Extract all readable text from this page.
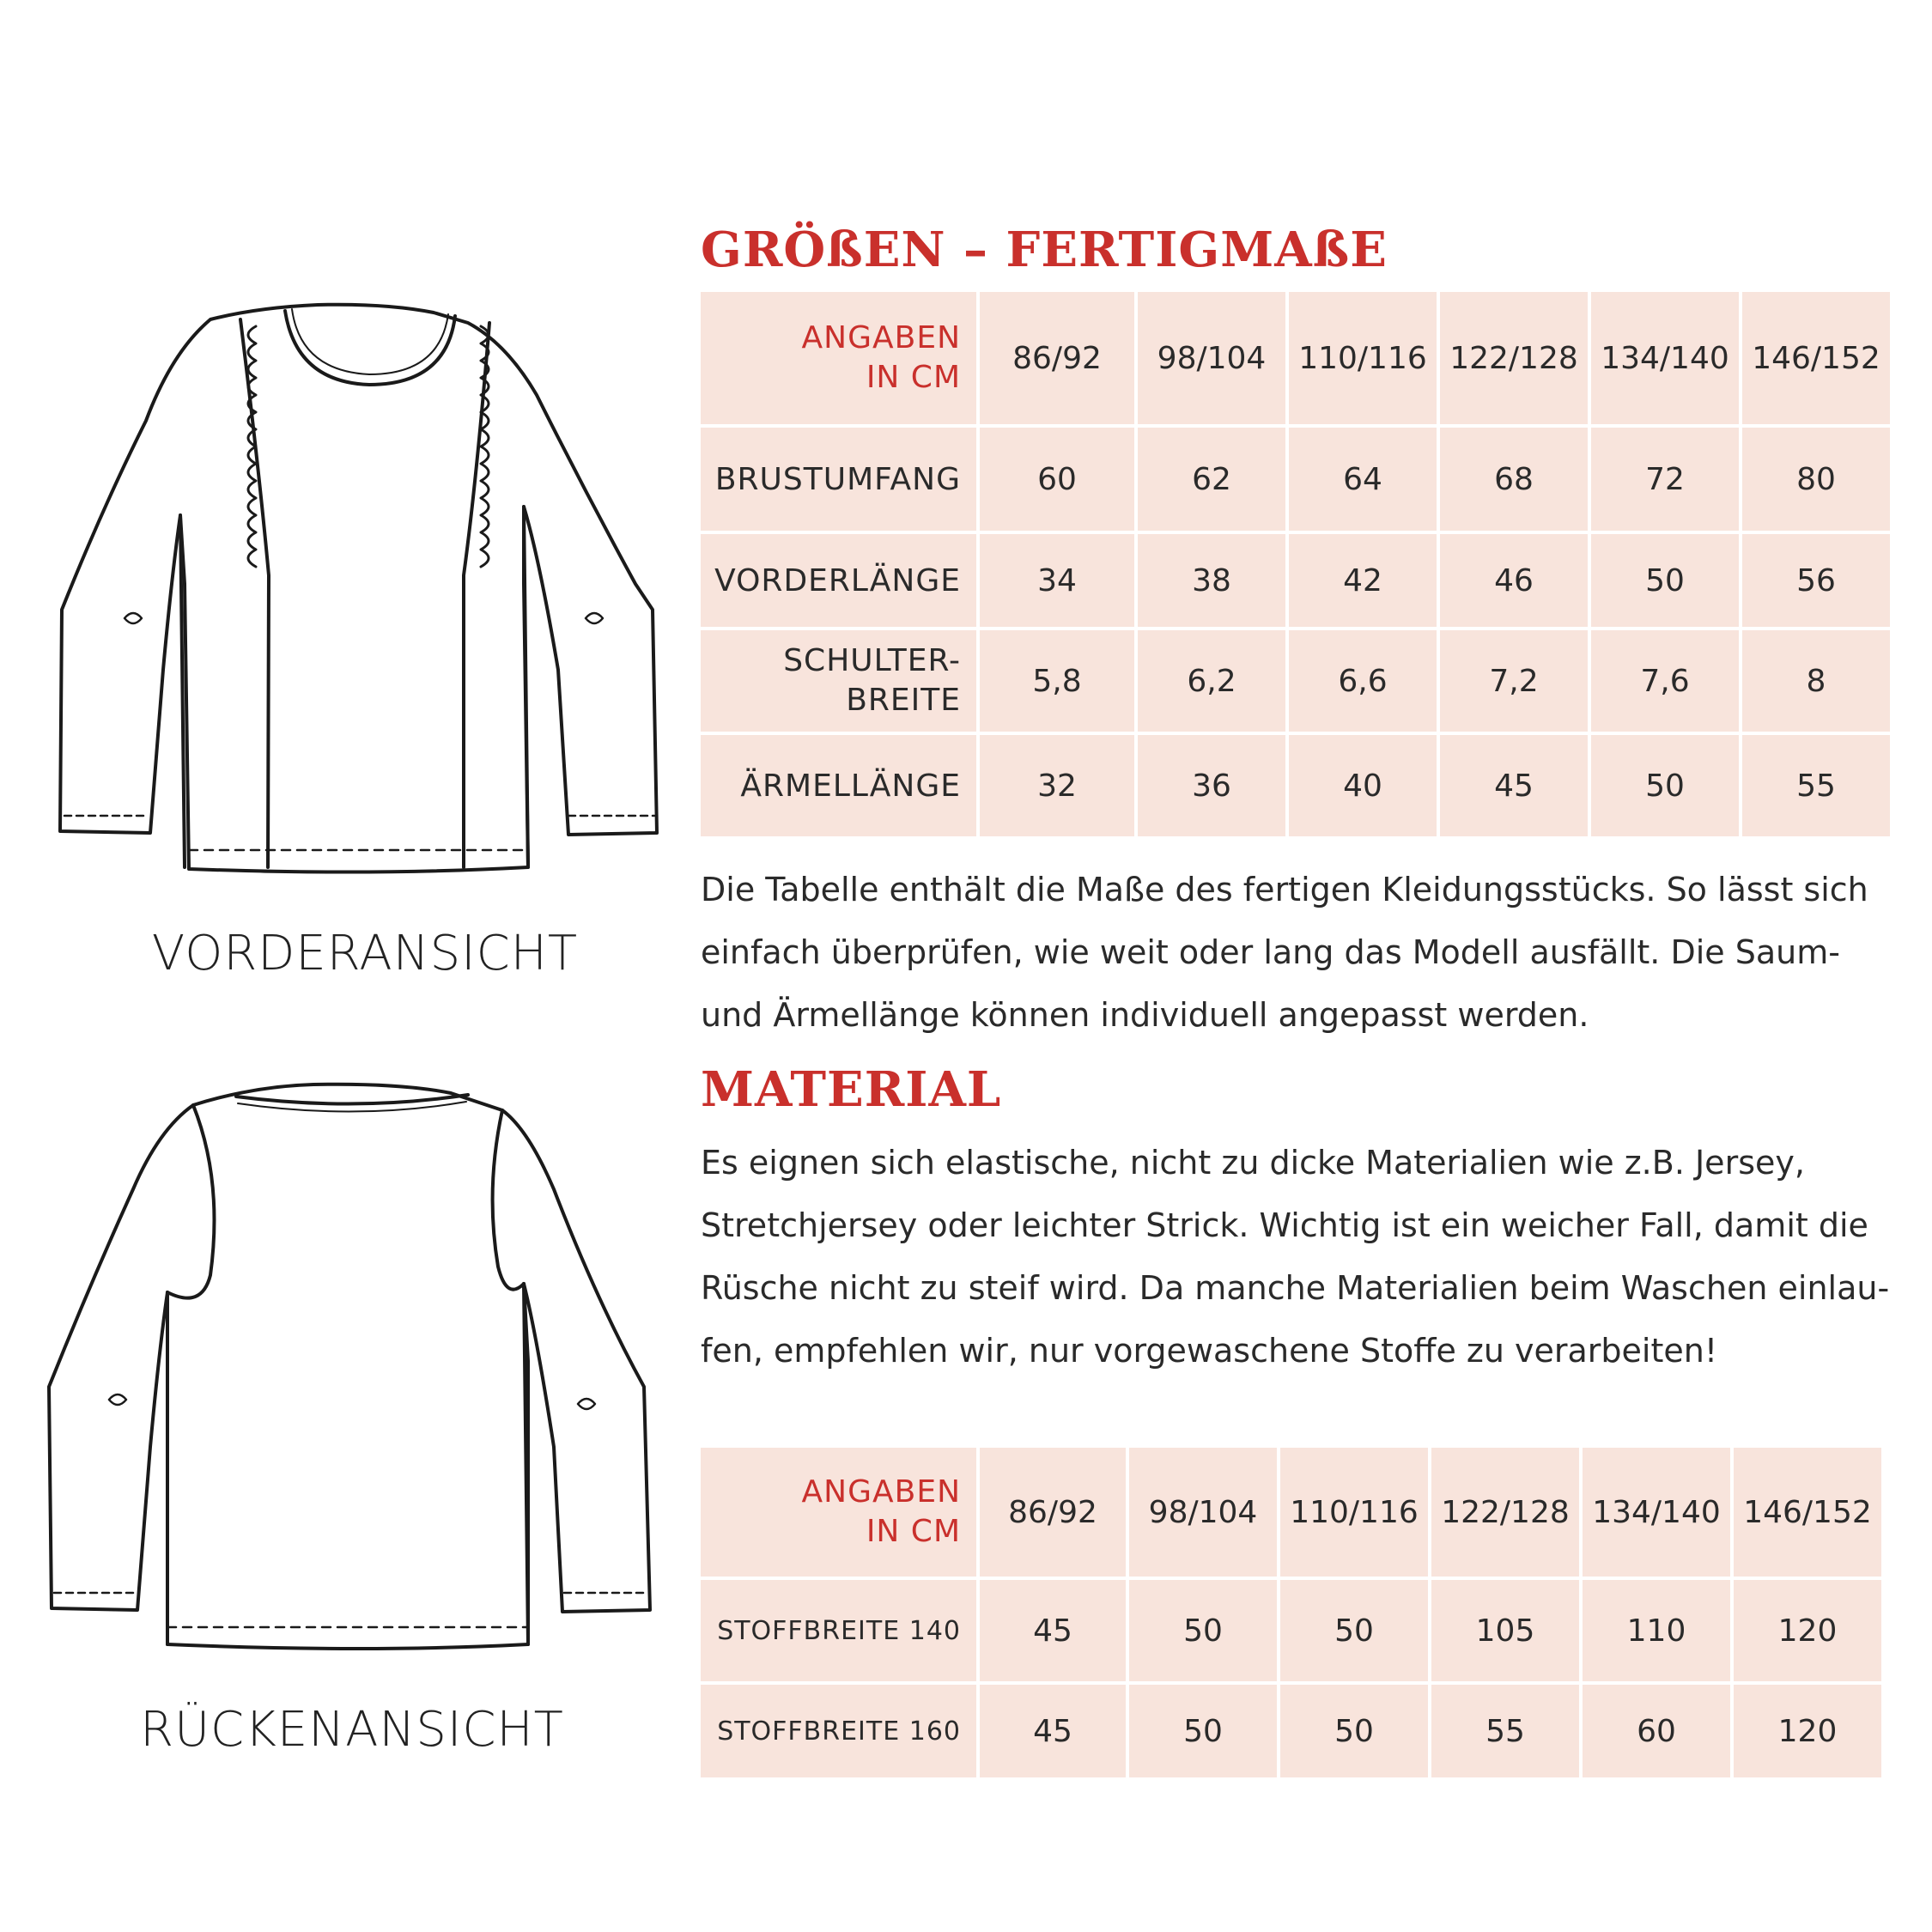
VORDERANSICHT
RÜCKENANSICHT
GRÖßEN – FERTIGMAßE
ANGABEN
IN CM	86/92	98/104	110/116	122/128	134/140	146/152
BRUSTUMFANG	60	62	64	68	72	80
VORDERLÄNGE	34	38	42	46	50	56
SCHULTER-
BREITE	5,8	6,2	6,6	7,2	7,6	8
ÄRMELLÄNGE	32	36	40	45	50	55

Die Tabelle enthält die Maße des fertigen Kleidungsstücks. So lässt sich einfach überprüfen, wie weit oder lang das Modell ausfällt. Die Saum- und Ärmellänge können individuell angepasst werden.

MATERIAL

Es eignen sich elastische, nicht zu dicke Materialien wie z.B. Jersey, Stretchjersey oder leichter Strick. Wichtig ist ein weicher Fall, damit die Rüsche nicht zu steif wird. Da manche Materialien beim Waschen einlau-fen, empfehlen wir, nur vorgewaschene Stoffe zu verarbeiten!

ANGABEN
IN CM	86/92	98/104	110/116	122/128	134/140	146/152
STOFFBREITE 140	45	50	50	105	110	120
STOFFBREITE 160	45	50	50	55	60	120
